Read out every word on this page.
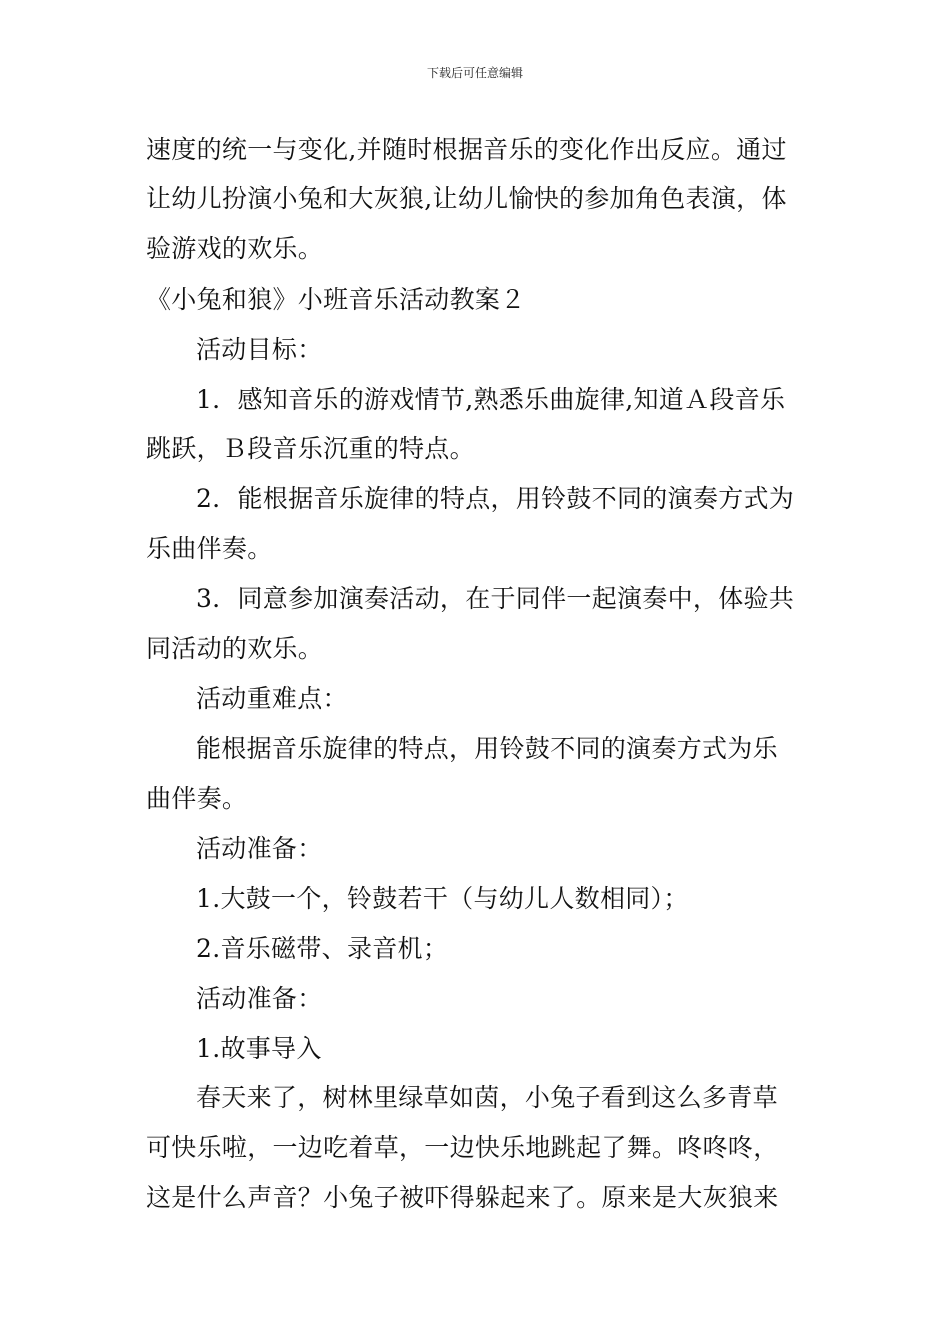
下载后可任意编辑
速度的统一与变化,并随时根据音乐的变化作出反应。通过
让幼儿扮演小兔和大灰狼,让幼儿愉快的参加角色表演，体
验游戏的欢乐。
《小兔和狼》小班音乐活动教案２
活动目标：
1．感知音乐的游戏情节,熟悉乐曲旋律,知道Ａ段音乐
跳跃，Ｂ段音乐沉重的特点。
2．能根据音乐旋律的特点，用铃鼓不同的演奏方式为
乐曲伴奏。
3．同意参加演奏活动，在于同伴一起演奏中，体验共
同活动的欢乐。
活动重难点：
能根据音乐旋律的特点，用铃鼓不同的演奏方式为乐
曲伴奏。
活动准备：
1.大鼓一个，铃鼓若干（与幼儿人数相同）；
2.音乐磁带、录音机；
活动准备：
1.故事导入
春天来了，树林里绿草如茵，小兔子看到这么多青草
可快乐啦，一边吃着草，一边快乐地跳起了舞。咚咚咚，
这是什么声音？小兔子被吓得躲起来了。原来是大灰狼来
